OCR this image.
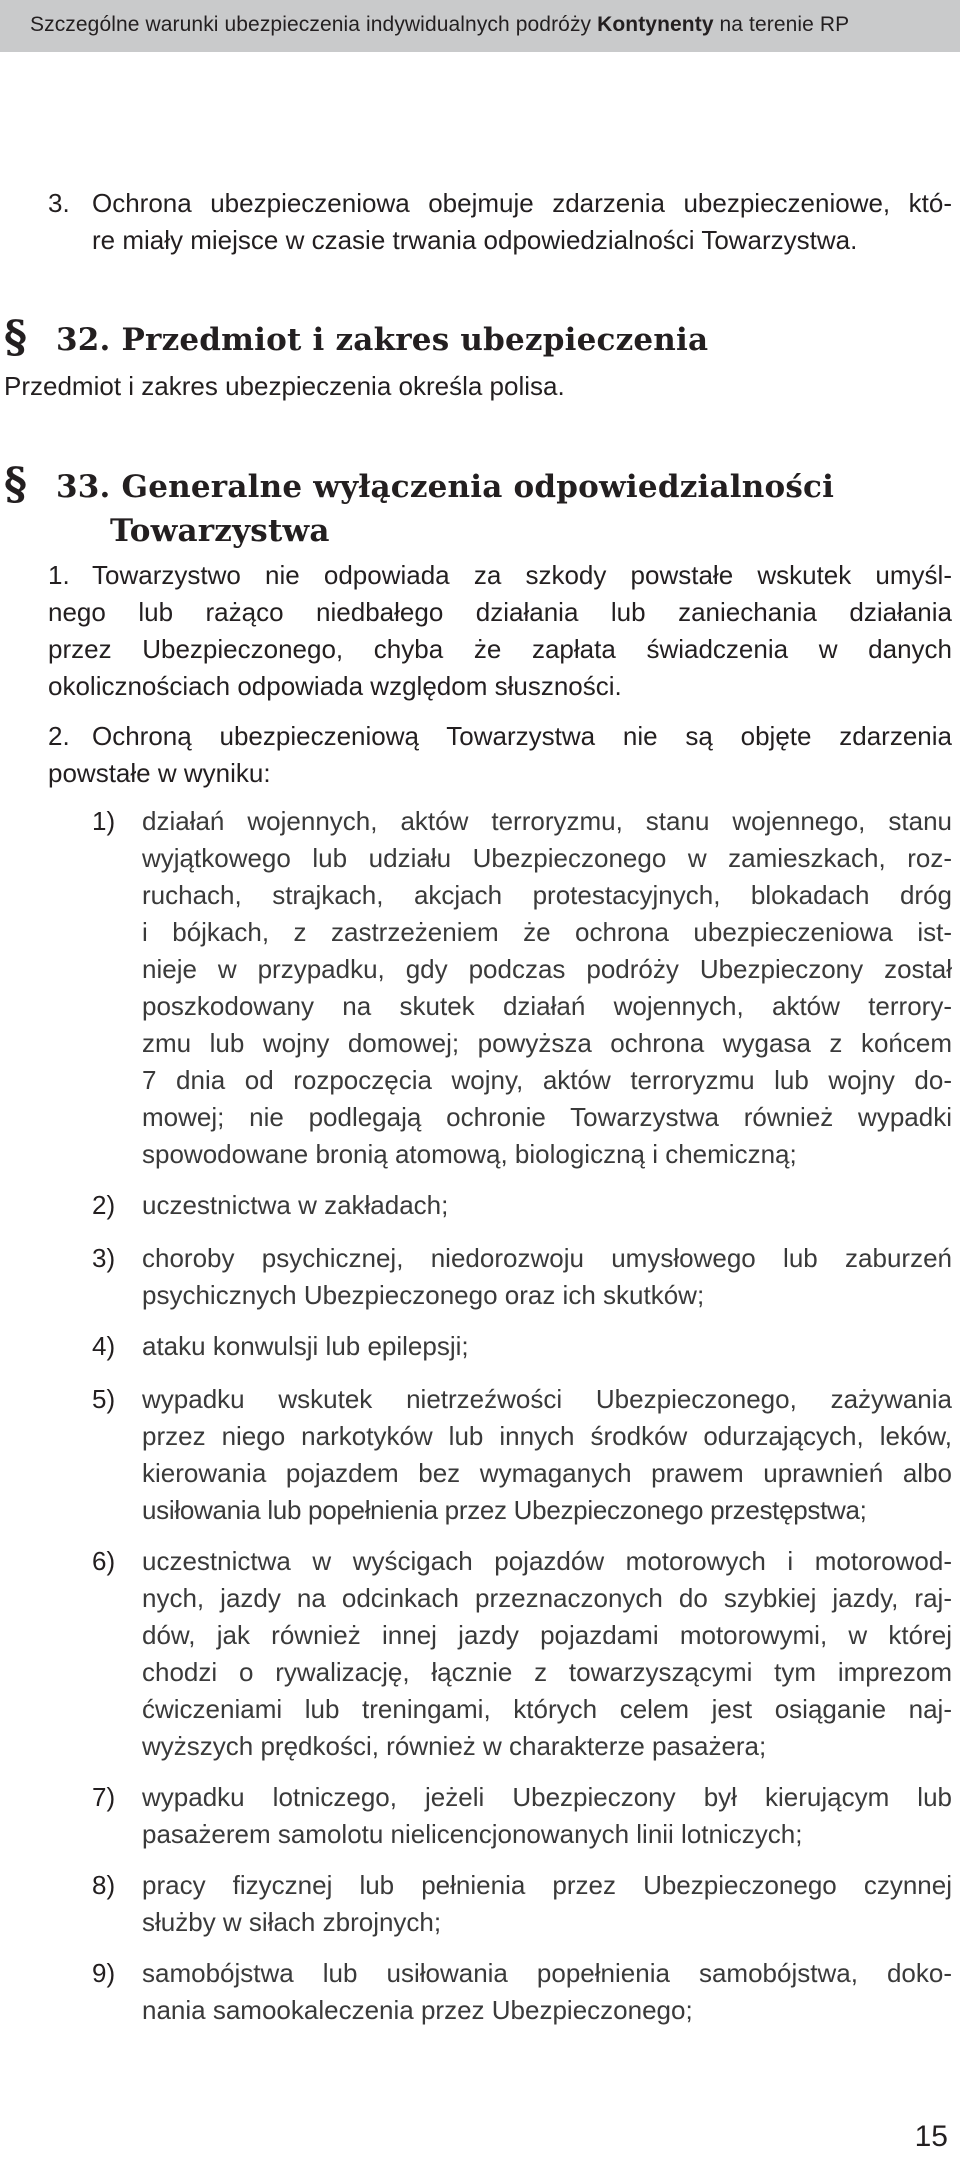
Szczególne warunki ubezpieczenia indywidualnych podróży Kontynenty na terenie RP
3. Ochrona ubezpieczeniowa obejmuje zdarzenia ubezpieczeniowe, któ-
re miały miejsce w czasie trwania odpowiedzialności Towarzystwa.
§ 32. Przedmiot i zakres ubezpieczenia
Przedmiot i zakres ubezpieczenia określa polisa.
§ 33. Generalne wyłączenia odpowiedzialności
Towarzystwa
1. Towarzystwo nie odpowiada za szkody powstałe wskutek umyśl-
nego lub rażąco niedbałego działania lub zaniechania działania
przez Ubezpieczonego, chyba że zapłata świadczenia w danych
okolicznościach odpowiada względom słuszności.
2. Ochroną ubezpieczeniową Towarzystwa nie są objęte zdarzenia
powstałe w wyniku:
1)	działań wojennych, aktów terroryzmu, stanu wojennego, stanu
wyjątkowego lub udziału Ubezpieczonego w zamieszkach, roz-
ruchach, strajkach, akcjach protestacyjnych, blokadach dróg
i bójkach, z zastrzeżeniem że ochrona ubezpieczeniowa ist-
nieje w przypadku, gdy podczas podróży Ubezpieczony został
poszkodowany na skutek działań wojennych, aktów terrory-
zmu lub wojny domowej; powyższa ochrona wygasa z końcem
7 dnia od rozpoczęcia wojny, aktów terroryzmu lub wojny do-
mowej; nie podlegają ochronie Towarzystwa również wypadki
spowodowane bronią atomową, biologiczną i chemiczną;
2)	uczestnictwa w zakładach;
3)	choroby psychicznej, niedorozwoju umysłowego lub zaburzeń
psychicznych Ubezpieczonego oraz ich skutków;
4)	ataku konwulsji lub epilepsji;
5)	wypadku wskutek nietrzeźwości Ubezpieczonego, zażywania
przez niego narkotyków lub innych środków odurzających, leków,
kierowania pojazdem bez wymaganych prawem uprawnień albo
usiłowania lub popełnienia przez Ubezpieczonego przestępstwa;
6)	uczestnictwa w wyścigach pojazdów motorowych i motorowod-
nych, jazdy na odcinkach przeznaczonych do szybkiej jazdy, raj-
dów, jak również innej jazdy pojazdami motorowymi, w której
chodzi o rywalizację, łącznie z towarzyszącymi tym imprezom
ćwiczeniami lub treningami, których celem jest osiąganie naj-
wyższych prędkości, również w charakterze pasażera;
7)	wypadku lotniczego, jeżeli Ubezpieczony był kierującym lub
pasażerem samolotu nielicencjonowanych linii lotniczych;
8)	pracy fizycznej lub pełnienia przez Ubezpieczonego czynnej
służby w siłach zbrojnych;
9)	samobójstwa lub usiłowania popełnienia samobójstwa, doko-
nania samookaleczenia przez Ubezpieczonego;
15
